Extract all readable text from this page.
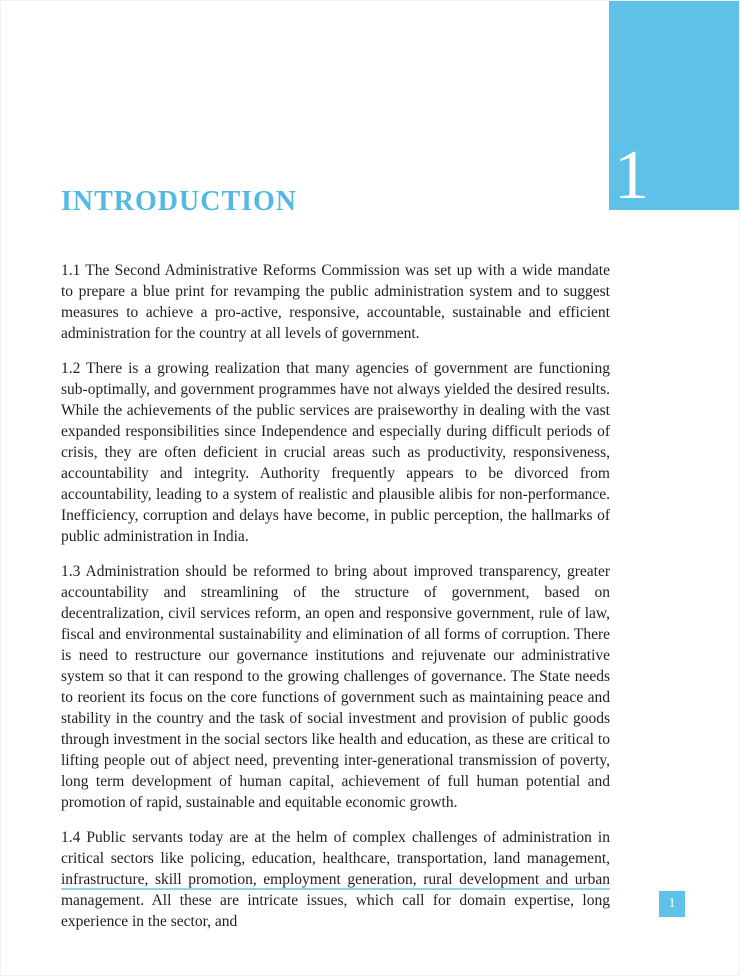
1
INTRODUCTION

1.1 The Second Administrative Reforms Commission was set up with a wide mandate to prepare a blue print for revamping the public administration system and to suggest measures to achieve a pro-active, responsive, accountable, sustainable and efficient administration for the country at all levels of government.

1.2 There is a growing realization that many agencies of government are functioning sub-optimally, and government programmes have not always yielded the desired results. While the achievements of the public services are praiseworthy in dealing with the vast expanded responsibilities since Independence and especially during difficult periods of crisis, they are often deficient in crucial areas such as productivity, responsiveness, accountability and integrity. Authority frequently appears to be divorced from accountability, leading to a system of realistic and plausible alibis for non-performance. Inefficiency, corruption and delays have become, in public perception, the hallmarks of public administration in India.

1.3 Administration should be reformed to bring about improved transparency, greater accountability and streamlining of the structure of government, based on decentralization, civil services reform, an open and responsive government, rule of law, fiscal and environmental sustainability and elimination of all forms of corruption. There is need to restructure our governance institutions and rejuvenate our administrative system so that it can respond to the growing challenges of governance. The State needs to reorient its focus on the core functions of government such as maintaining peace and stability in the country and the task of social investment and provision of public goods through investment in the social sectors like health and education, as these are critical to lifting people out of abject need, preventing inter-generational transmission of poverty, long term development of human capital, achievement of full human potential and promotion of rapid, sustainable and equitable economic growth.

1.4 Public servants today are at the helm of complex challenges of administration in critical sectors like policing, education, healthcare, transportation, land management, infrastructure, skill promotion, employment generation, rural development and urban management. All these are intricate issues, which call for domain expertise, long experience in the sector, and

1
